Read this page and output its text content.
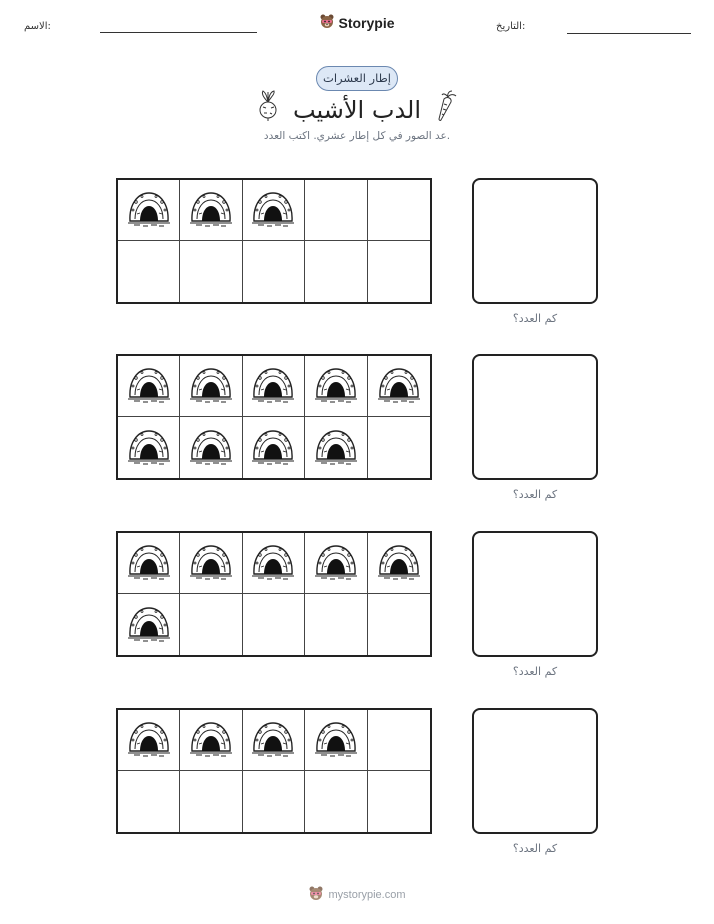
الاسم:	Storypie	التاريخ:
إطار العشرات
الدب الأشيب
عد الصور في كل إطار عشري. اكتب العدد.
كم العدد؟
كم العدد؟
كم العدد؟
كم العدد؟
mystorypie.com
